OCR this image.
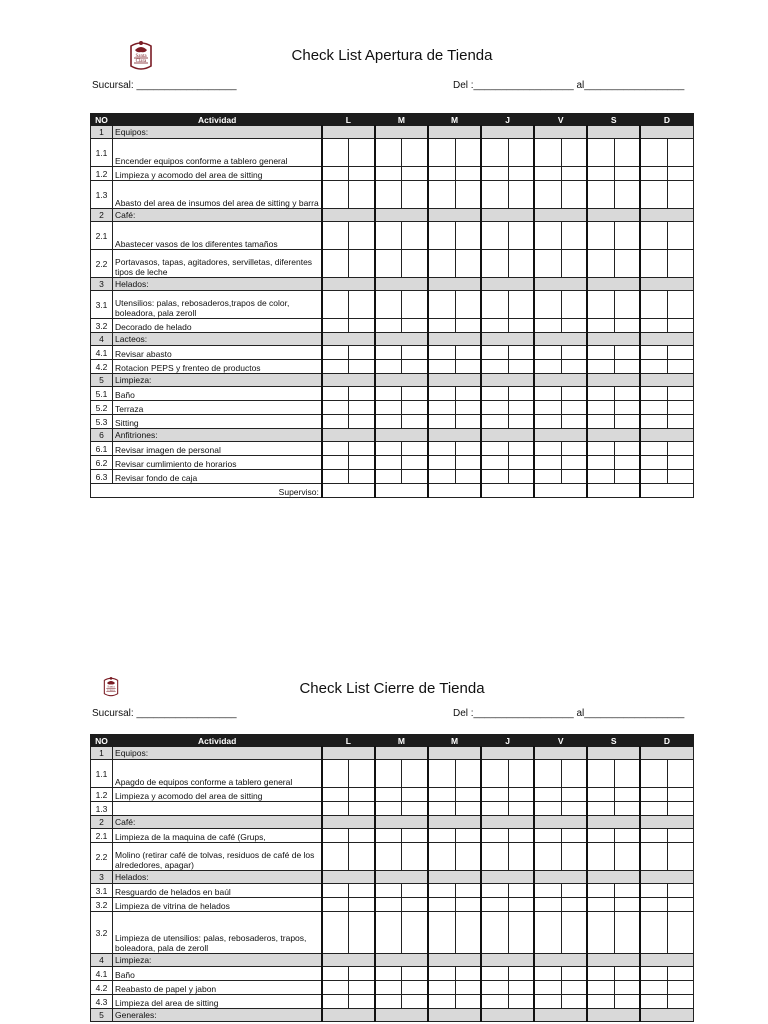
Santa
Clara	Check List Apertura de Tienda
Sucursal: __________________	Del :__________________ al__________________
NO	Actividad	L		M		M		J		V		S		D	
1	Equipos:														
1.1	Encender equipos conforme a tablero general														
1.2	Limpieza y acomodo del area de sitting														
1.3	Abasto del area de insumos del area de sitting y barra														
2	Café:														
2.1	Abastecer vasos de los diferentes tamaños														
2.2	Portavasos, tapas, agitadores, servilletas, diferentes tipos de leche														
3	Helados:														
3.1	Utensilios: palas, rebosaderos,trapos de color, boleadora, pala zeroll														
3.2	Decorado de helado														
4	Lacteos:														
4.1	Revisar abasto														
4.2	Rotacion PEPS y frenteo de productos														
5	Limpieza:														
5.1	Baño														
5.2	Terraza														
5.3	Sitting														
6	Anfitriones:														
6.1	Revisar imagen de personal														
6.2	Revisar cumlimiento de horarios														
6.3	Revisar fondo de caja														
Superviso:															
Santa
Clara	Check List Cierre de Tienda
Sucursal: __________________	Del :__________________ al__________________
NO	Actividad	L		M		M		J		V		S		D	
1	Equipos:														
1.1	Apagdo de equipos conforme a tablero general														
1.2	Limpieza y acomodo del area de sitting														
1.3															
2	Café:														
2.1	Limpieza de la maquina de café (Grups,														
2.2	Molino (retirar café de tolvas, residuos de café de los alrededores, apagar)														
3	Helados:														
3.1	Resguardo de helados en baúl														
3.2	Limpieza de vitrina de helados														
3.2	Limpieza de utensilios: palas, rebosaderos, trapos, boleadora, pala de zeroll														
4	Limpieza:														
4.1	Baño														
4.2	Reabasto de papel y jabon														
4.3	Limpieza del area de sitting														
5	Generales:														
